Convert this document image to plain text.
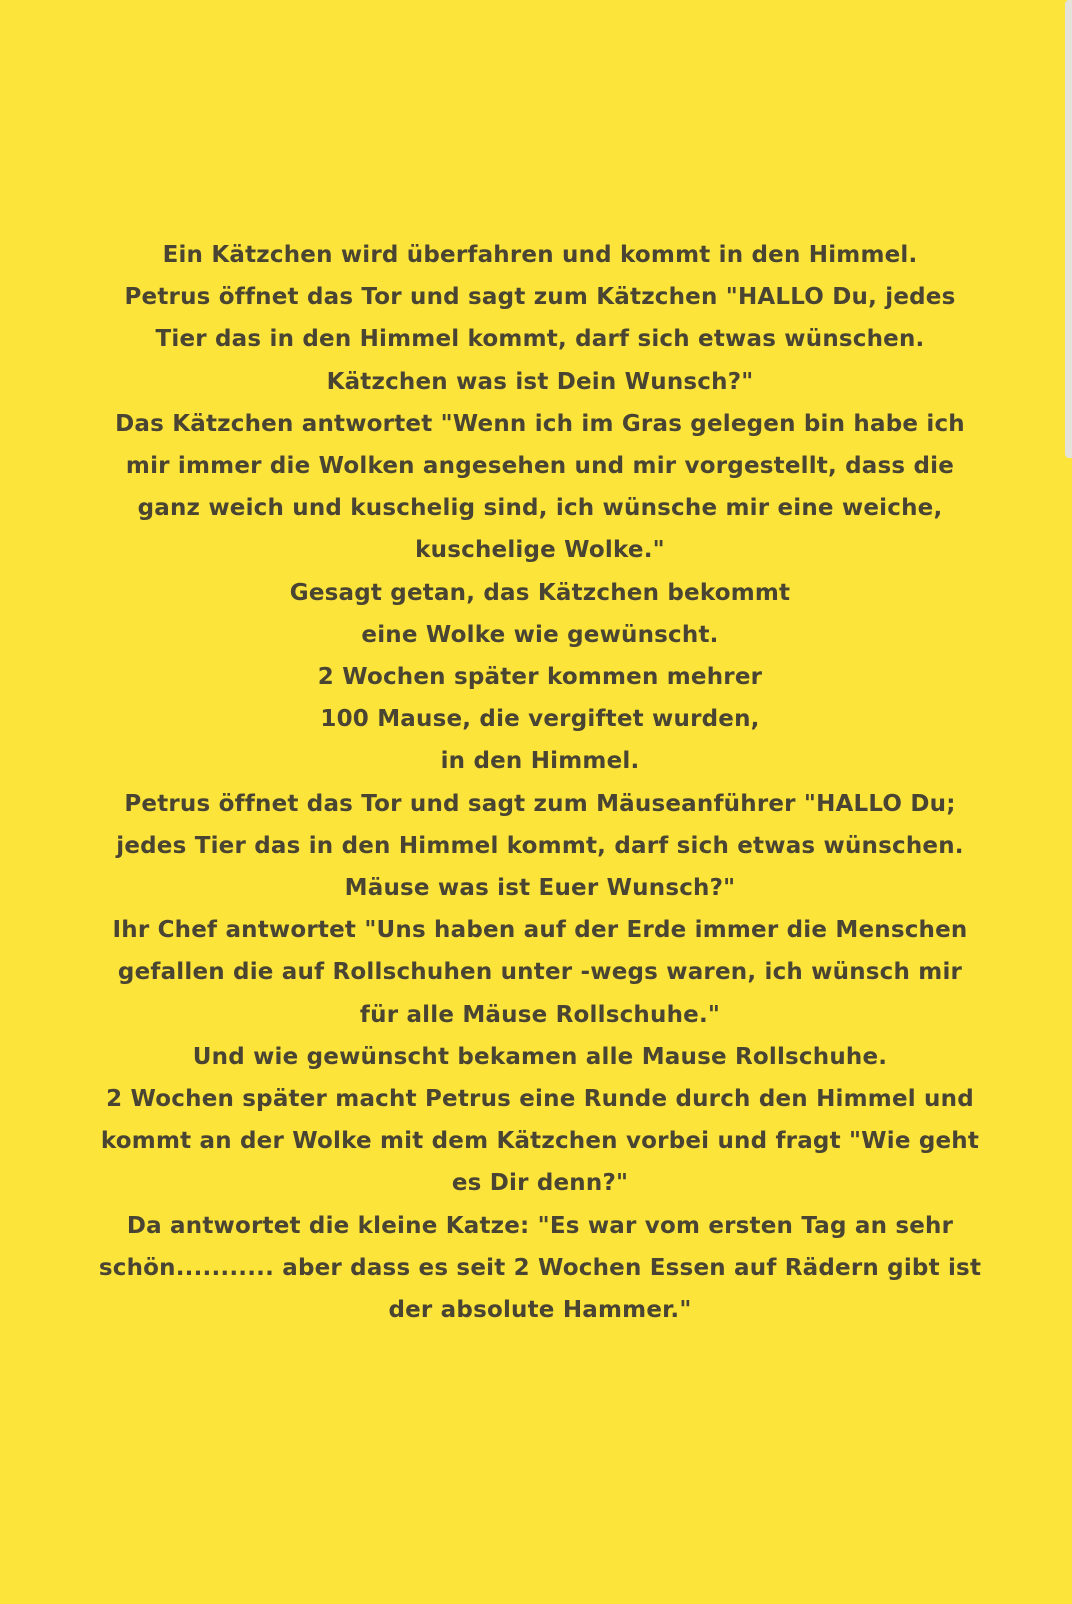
Ein Kätzchen wird überfahren und kommt in den Himmel.
Petrus öffnet das Tor und sagt zum Kätzchen "HALLO Du, jedes
Tier das in den Himmel kommt, darf sich etwas wünschen.
Kätzchen was ist Dein Wunsch?"
Das Kätzchen antwortet "Wenn ich im Gras gelegen bin habe ich
mir immer die Wolken angesehen und mir vorgestellt, dass die
ganz weich und kuschelig sind, ich wünsche mir eine weiche,
kuschelige Wolke."
Gesagt getan, das Kätzchen bekommt
eine Wolke wie gewünscht.
2 Wochen später kommen mehrer
100 Mause, die vergiftet wurden,
in den Himmel.
Petrus öffnet das Tor und sagt zum Mäuseanführer "HALLO Du;
jedes Tier das in den Himmel kommt, darf sich etwas wünschen.
Mäuse was ist Euer Wunsch?"
Ihr Chef antwortet "Uns haben auf der Erde immer die Menschen
gefallen die auf Rollschuhen unter -wegs waren, ich wünsch mir
für alle Mäuse Rollschuhe."
Und wie gewünscht bekamen alle Mause Rollschuhe.
2 Wochen später macht Petrus eine Runde durch den Himmel und
kommt an der Wolke mit dem Kätzchen vorbei und fragt "Wie geht
es Dir denn?"
Da antwortet die kleine Katze: "Es war vom ersten Tag an sehr
schön........... aber dass es seit 2 Wochen Essen auf Rädern gibt ist
der absolute Hammer."
